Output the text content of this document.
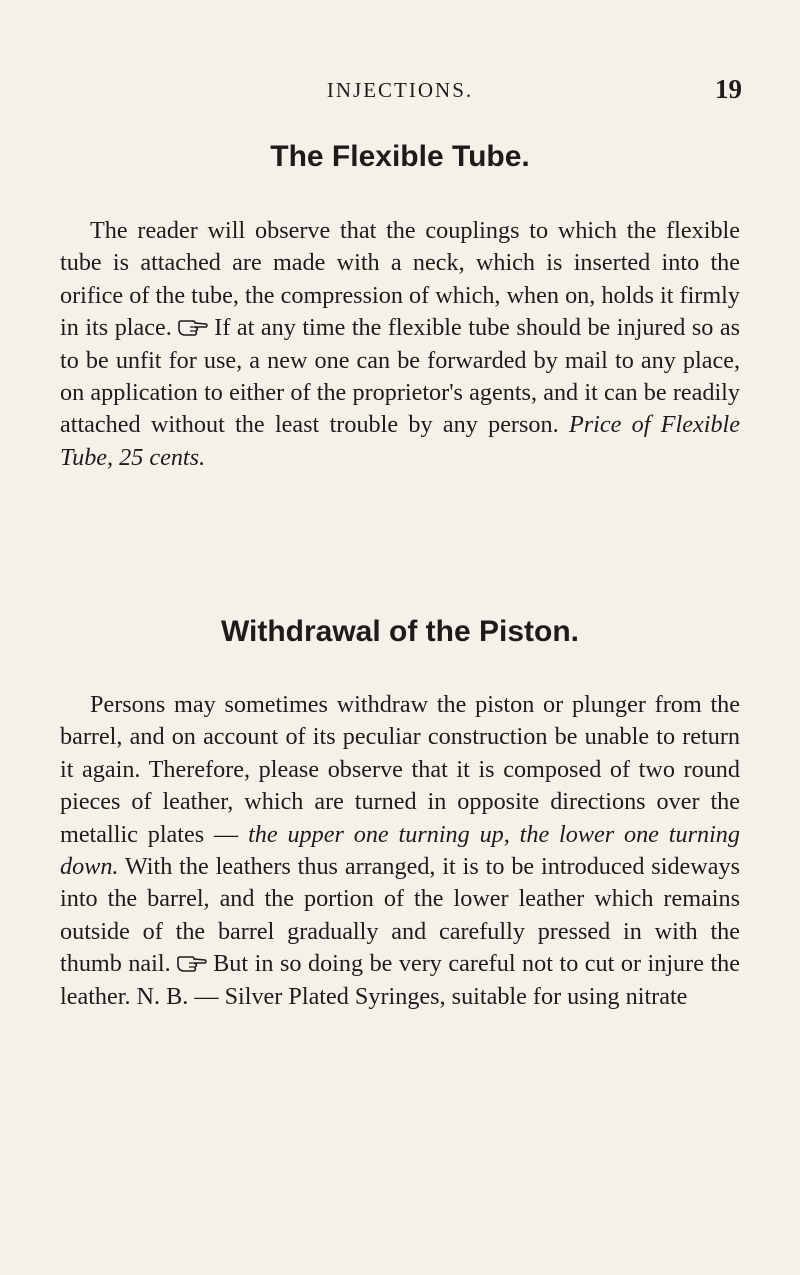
INJECTIONS.	19
The Flexible Tube.

The reader will observe that the couplings to which the flexible tube is attached are made with a neck, which is inserted into the orifice of the tube, the compression of which, when on, holds it firmly in its place. If at any time the flexible tube should be injured so as to be unfit for use, a new one can be forwarded by mail to any place, on application to either of the proprietor's agents, and it can be readily attached without the least trouble by any person. Price of Flexible Tube, 25 cents.

Withdrawal of the Piston.

Persons may sometimes withdraw the piston or plunger from the barrel, and on account of its peculiar construction be unable to return it again. Therefore, please observe that it is composed of two round pieces of leather, which are turned in opposite directions over the metallic plates — the upper one turning up, the lower one turning down. With the leathers thus arranged, it is to be introduced sideways into the barrel, and the portion of the lower leather which remains outside of the barrel gradually and carefully pressed in with the thumb nail. But in so doing be very careful not to cut or injure the leather. N. B. — Silver Plated Syringes, suitable for using nitrate
